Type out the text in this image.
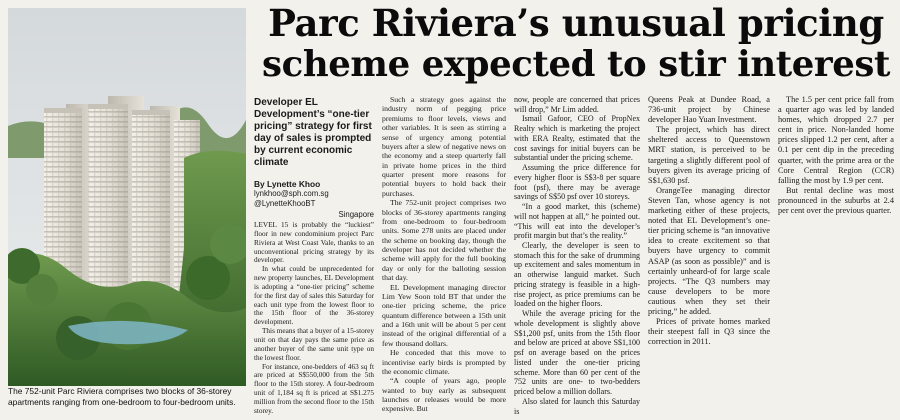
The 752-unit Parc Riviera comprises two blocks of 36-storey apartments ranging from one-bedroom to four-bedroom units.
Parc Riviera’s unusual pricing
scheme expected to stir interest
Developer EL Development’s “one-tier pricing” strategy for first day of sales is prompted by current economic climate
By Lynette Khoo
lynkhoo@sph.com.sg
@LynetteKhooBT
Singapore

LEVEL 15 is probably the “luckiest” floor in new condominium project Parc Riviera at West Coast Vale, thanks to an unconventional pricing strategy by its developer.

In what could be unprecedented for new property launches, EL Development is adopting a “one-tier pricing” scheme for the first day of sales this Saturday for each unit type from the lowest floor to the 15th floor of the 36-storey development.

This means that a buyer of a 15-storey unit on that day pays the same price as another buyer of the same unit type on the lowest floor.

For instance, one-bedders of 463 sq ft are priced at S$550,000 from the 5th floor to the 15th storey. A four-bedroom unit of 1,184 sq ft is priced at S$1.275 million from the second floor to the 15th storey.

Such a strategy goes against the industry norm of pegging price premiums to floor levels, views and other variables. It is seen as stirring a sense of urgency among potential buyers after a slew of negative news on the economy and a steep quarterly fall in private home prices in the third quarter present more reasons for potential buyers to hold back their purchases.

The 752-unit project comprises two blocks of 36-storey apartments ranging from one-bedroom to four-bedroom units. Some 278 units are placed under the scheme on booking day, though the developer has not decided whether the scheme will apply for the full booking day or only for the balloting session that day.

EL Development managing director Lim Yew Soon told BT that under the one-tier pricing scheme, the price quantum difference between a 15th unit and a 16th unit will be about 5 per cent instead of the original differential of a few thousand dollars.

He conceded that this move to incentivise early birds is prompted by the economic climate.

“A couple of years ago, people wanted to buy early as subsequent launches or releases would be more expensive. But

now, people are concerned that prices will drop,” Mr Lim added.

Ismail Gafoor, CEO of PropNex Realty which is marketing the project with ERA Realty, estimated that the cost savings for initial buyers can be substantial under the pricing scheme.

Assuming the price difference for every higher floor is S$3-8 per square foot (psf), there may be average savings of S$50 psf over 10 storeys.

“In a good market, this (scheme) will not happen at all,” he pointed out. “This will eat into the developer’s profit margin but that’s the reality.”

Clearly, the developer is seen to stomach this for the sake of drumming up excitement and sales momentum in an otherwise languid market. Such pricing strategy is feasible in a high-rise project, as price premiums can be loaded on the higher floors.

While the average pricing for the whole development is slightly above S$1,200 psf, units from the 15th floor and below are priced at above S$1,100 psf on average based on the prices listed under the one-tier pricing scheme. More than 60 per cent of the 752 units are one- to two-bedders priced below a million dollars.

Also slated for launch this Saturday is

Queens Peak at Dundee Road, a 736-unit project by Chinese developer Hao Yuan Investment.

The project, which has direct sheltered access to Queenstown MRT station, is perceived to be targeting a slightly different pool of buyers given its average pricing of S$1,630 psf.

OrangeTee managing director Steven Tan, whose agency is not marketing either of these projects, noted that EL Development’s one-tier pricing scheme is “an innovative idea to create excitement so that buyers have urgency to commit ASAP (as soon as possible)” and is certainly unheard-of for large scale projects. “The Q3 numbers may cause developers to be more cautious when they set their pricing,” he added.

Prices of private homes marked their steepest fall in Q3 since the correction in 2011.

The 1.5 per cent price fall from a quarter ago was led by landed homes, which dropped 2.7 per cent in price. Non-landed home prices slipped 1.2 per cent, after a 0.1 per cent dip in the preceding quarter, with the prime area or the Core Central Region (CCR) falling the most by 1.9 per cent.

But rental decline was most pronounced in the suburbs at 2.4 per cent over the previous quarter.
